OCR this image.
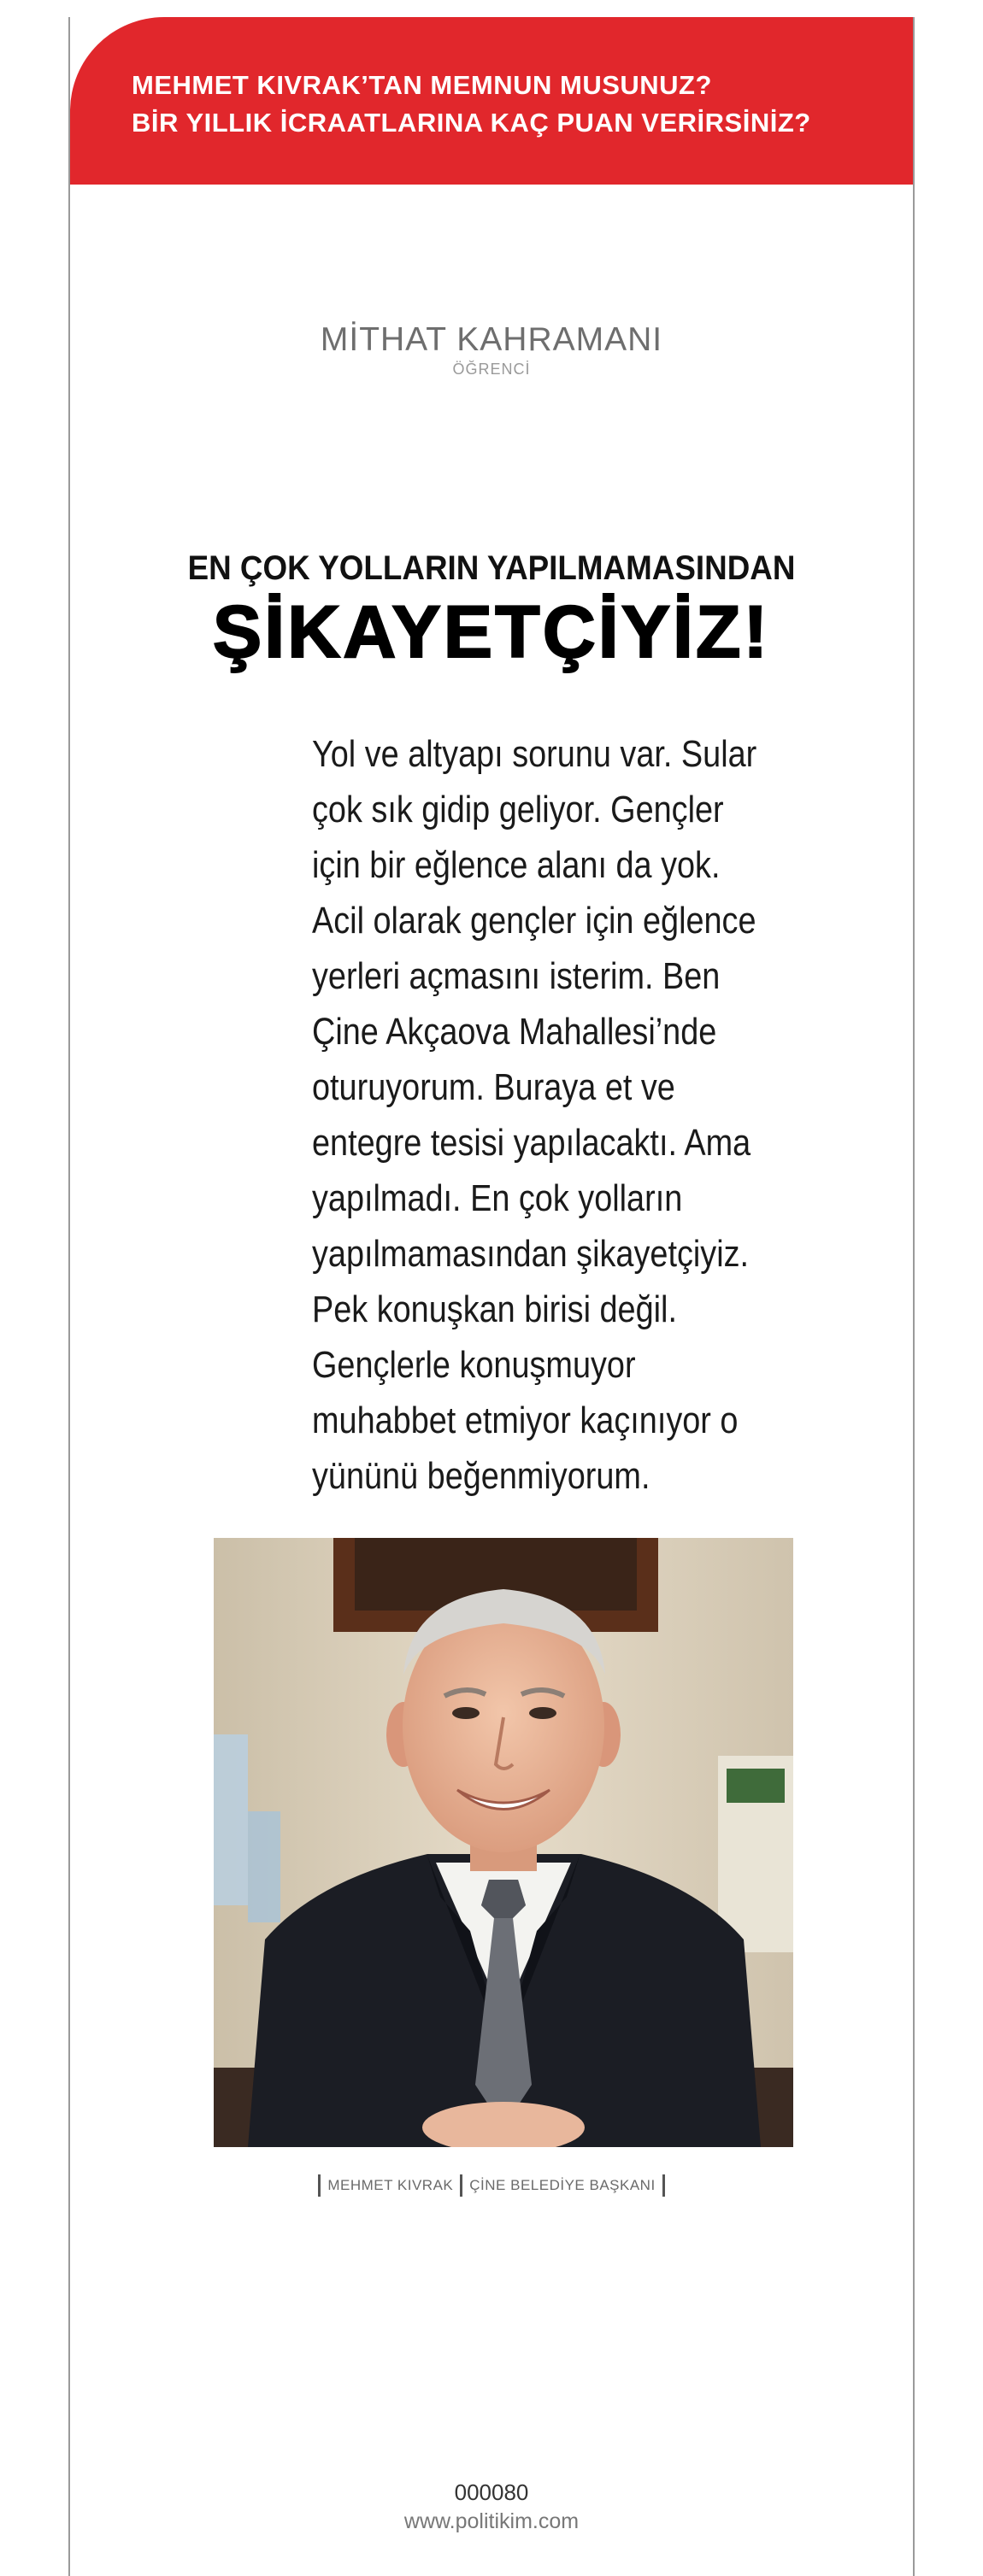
MEHMET KIVRAK’TAN MEMNUN MUSUNUZ?
BİR YILLIK İCRAATLARINA KAÇ PUAN VERİRSİNİZ?
MİTHAT KAHRAMANI
ÖĞRENCİ
EN ÇOK YOLLARIN YAPILMAMASINDAN
ŞİKAYETÇİYİZ!

Yol ve altyapı sorunu var. Sular
çok sık gidip geliyor. Gençler
için bir eğlence alanı da yok.
Acil olarak gençler için eğlence
yerleri açmasını isterim. Ben
Çine Akçaova Mahallesi’nde
oturuyorum. Buraya et ve
entegre tesisi yapılacaktı. Ama
yapılmadı. En çok yolların
yapılmamasından şikayetçiyiz.
Pek konuşkan birisi değil.
Gençlerle konuşmuyor
muhabbet etmiyor kaçınıyor o
yününü beğenmiyorum.

MEHMET KIVRAK ÇİNE BELEDİYE BAŞKANI
000080
www.politikim.com
